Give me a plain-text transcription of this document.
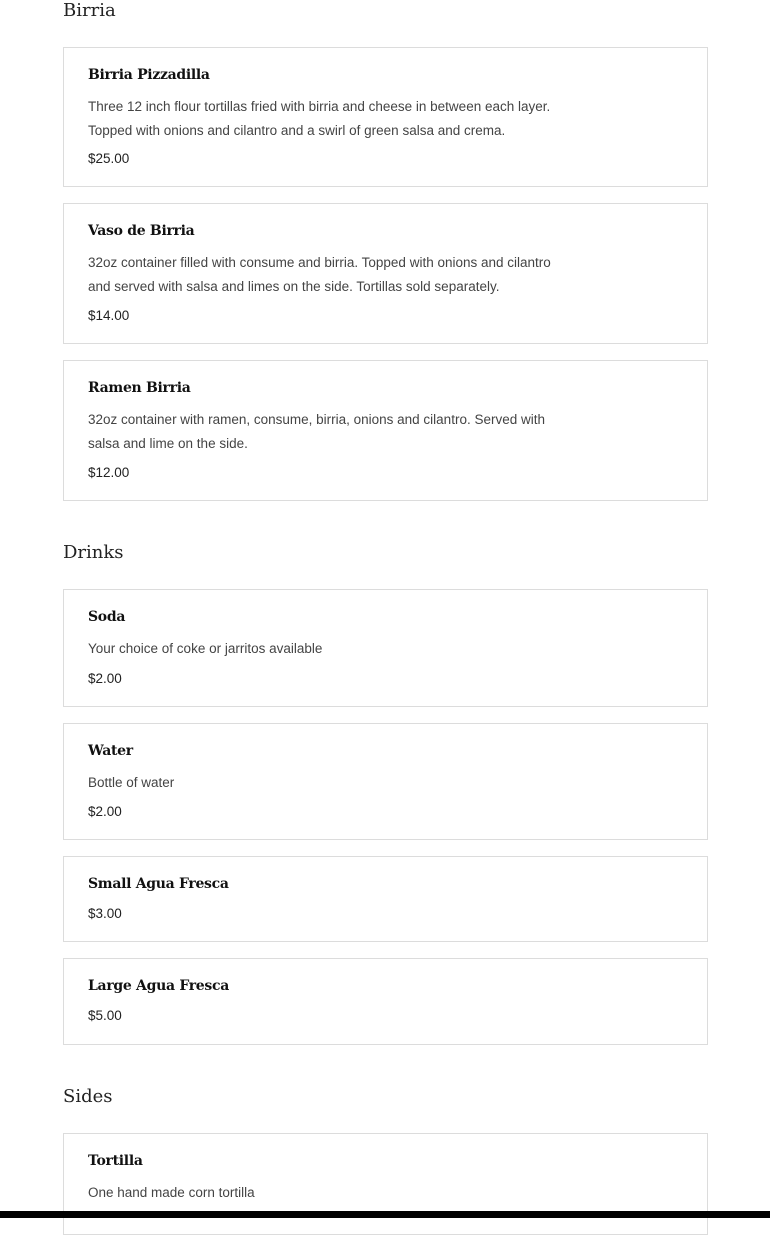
Birria
Birria Pizzadilla

Three 12 inch flour tortillas fried with birria and cheese in between each layer.
Topped with onions and cilantro and a swirl of green salsa and crema.

$25.00

Vaso de Birria

32oz container filled with consume and birria. Topped with onions and cilantro
and served with salsa and limes on the side. Tortillas sold separately.

$14.00

Ramen Birria

32oz container with ramen, consume, birria, onions and cilantro. Served with
salsa and lime on the side.

$12.00

Drinks
Soda

Your choice of coke or jarritos available

$2.00

Water

Bottle of water

$2.00

Small Agua Fresca

$3.00

Large Agua Fresca

$5.00

Sides
Tortilla

One hand made corn tortilla
